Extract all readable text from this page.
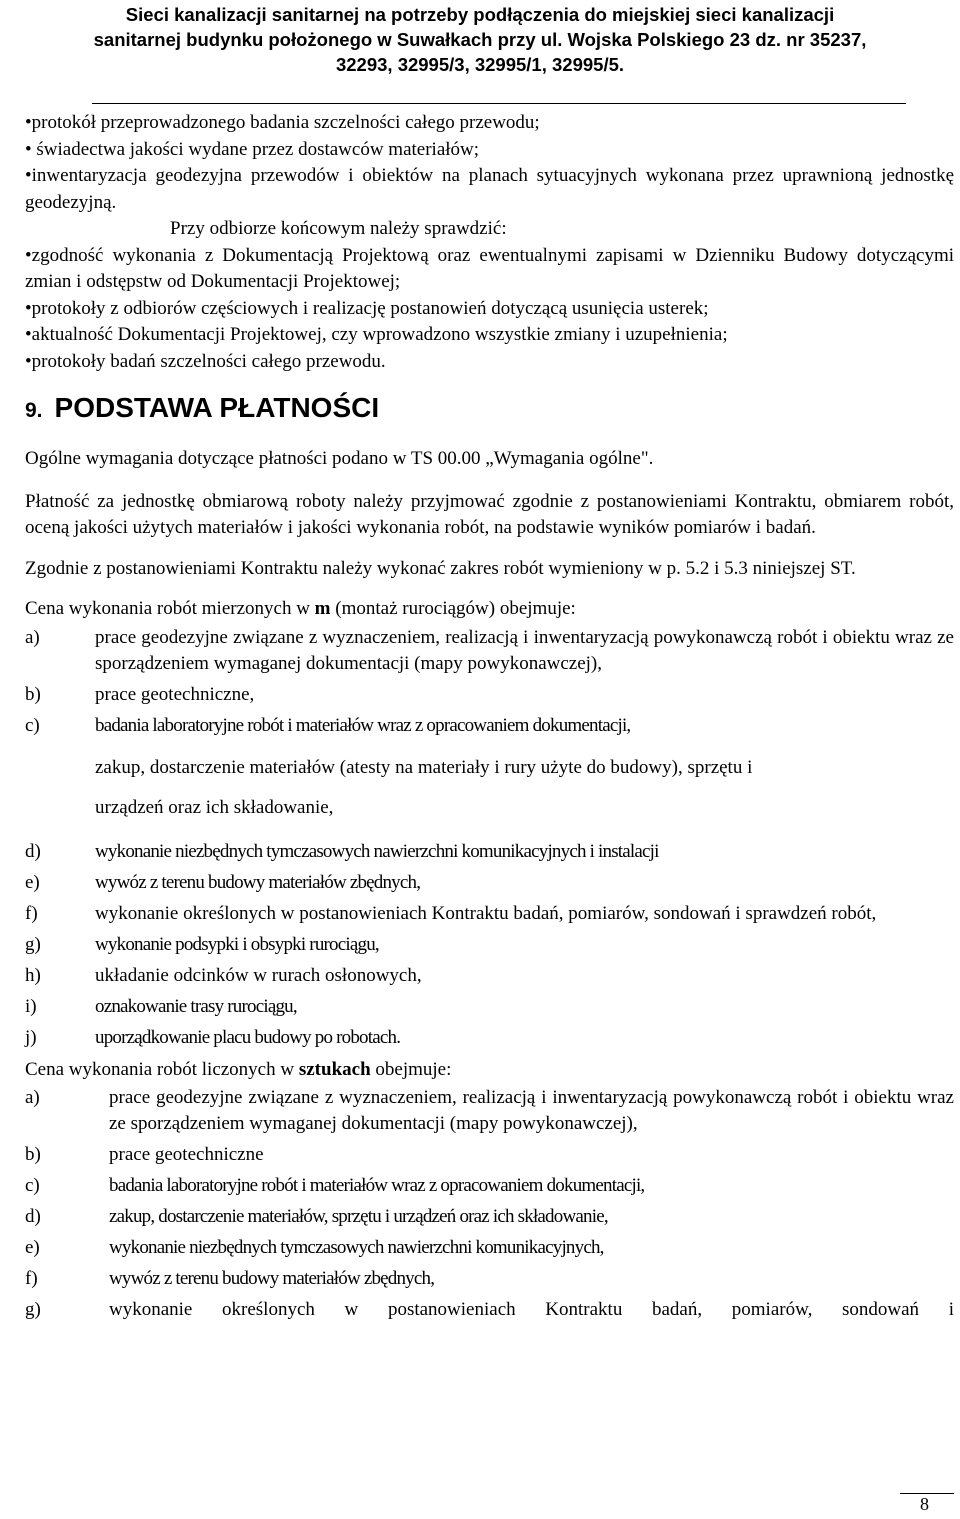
Sieci kanalizacji sanitarnej na potrzeby podłączenia do miejskiej sieci kanalizacji
sanitarnej budynku położonego w Suwałkach przy ul. Wojska Polskiego 23 dz. nr 35237,
32293, 32995/3, 32995/1, 32995/5.

• protokół przeprowadzonego badania szczelności całego przewodu;

• świadectwa jakości wydane przez dostawców materiałów;

• inwentaryzacja geodezyjna przewodów i obiektów na planach sytuacyjnych wykonana przez uprawnioną jednostkę geodezyjną.

Przy odbiorze końcowym należy sprawdzić:

• zgodność wykonania z Dokumentacją Projektową oraz ewentualnymi zapisami w Dzienniku Budowy dotyczącymi zmian i odstępstw od Dokumentacji Projektowej;

• protokoły z odbiorów częściowych i realizację postanowień dotyczącą usunięcia usterek;

• aktualność Dokumentacji Projektowej, czy wprowadzono wszystkie zmiany i uzupełnienia;

• protokoły badań szczelności całego przewodu.

9. PODSTAWA PŁATNOŚCI

Ogólne wymagania dotyczące płatności podano w TS 00.00 „Wymagania ogólne".

Płatność za jednostkę obmiarową roboty należy przyjmować zgodnie z postanowieniami Kontraktu, obmiarem robót, oceną jakości użytych materiałów i jakości wykonania robót, na podstawie wyników pomiarów i badań.

Zgodnie z postanowieniami Kontraktu należy wykonać zakres robót wymieniony w p. 5.2 i 5.3 niniejszej ST.

Cena wykonania robót mierzonych w m (montaż rurociągów) obejmuje:

a)	prace geodezyjne związane z wyznaczeniem, realizacją i inwentaryzacją powykonawczą robót i obiektu wraz ze sporządzeniem wymaganej dokumentacji (mapy powykonawczej),
b)	prace geotechniczne,
c)	badania laboratoryjne robót i materiałów wraz z opracowaniem dokumentacji,
zakup, dostarczenie materiałów (atesty na materiały i rury użyte do budowy), sprzętu i
urządzeń oraz ich składowanie,
d)	wykonanie niezbędnych tymczasowych nawierzchni komunikacyjnych i instalacji
e)	wywóz z terenu budowy materiałów zbędnych,
f)	wykonanie określonych w postanowieniach Kontraktu badań, pomiarów, sondowań i sprawdzeń robót,
g)	wykonanie podsypki i obsypki rurociągu,
h)	układanie odcinków w rurach osłonowych,
i)	oznakowanie trasy rurociągu,
j)	uporządkowanie placu budowy po robotach.

Cena wykonania robót liczonych w sztukach obejmuje:

a)	prace geodezyjne związane z wyznaczeniem, realizacją i inwentaryzacją powykonawczą robót i obiektu wraz ze sporządzeniem wymaganej dokumentacji (mapy powykonawczej),
b)	prace geotechniczne
c)	badania laboratoryjne robót i materiałów wraz z opracowaniem dokumentacji,
d)	zakup, dostarczenie materiałów, sprzętu i urządzeń oraz ich składowanie,
e)	wykonanie niezbędnych tymczasowych nawierzchni komunikacyjnych,
f)	wywóz z terenu budowy materiałów zbędnych,
g)	wykonanie określonych w postanowieniach Kontraktu badań, pomiarów, sondowań i
8
